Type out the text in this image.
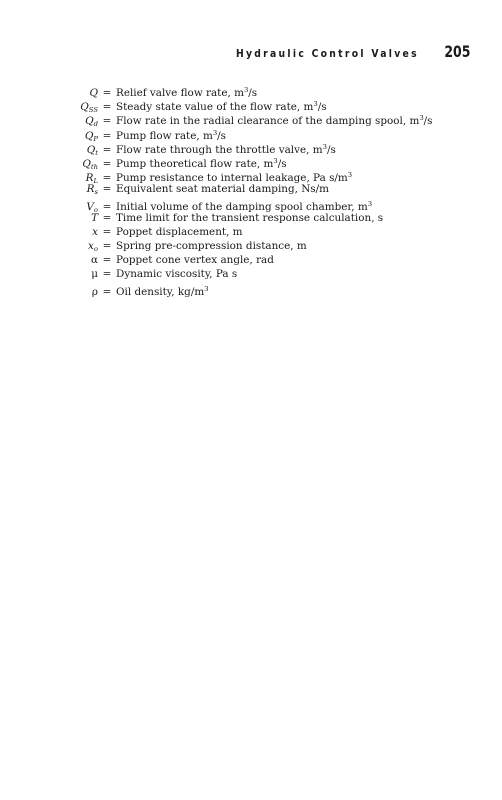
Hydraulic Control Valves 205
Q = Relief valve flow rate, $m^3/s$
$Q_{SS}$ = Steady state value of the flow rate, $m^3/s$
$Q_d$ = Flow rate in the radial clearance of the damping spool, $m^3/s$
$Q_P$ = Pump flow rate, $m^3/s$
$Q_t$ = Flow rate through the throttle valve, $m^3/s$
$Q_{th}$ = Pump theoretical flow rate, $m^3/s$
$R_L$ = Pump resistance to internal leakage, Pa $s/m^3$
$R_s$ = Equivalent seat material damping, Ns/m
$V_o$ = Initial volume of the damping spool chamber, $m^3$
T = Time limit for the transient response calculation, s
x = Poppet displacement, m
$x_o$ = Spring pre-compression distance, m
α = Poppet cone vertex angle, rad
μ = Dynamic viscosity, Pa s
ρ = Oil density, $kg/m^3$
